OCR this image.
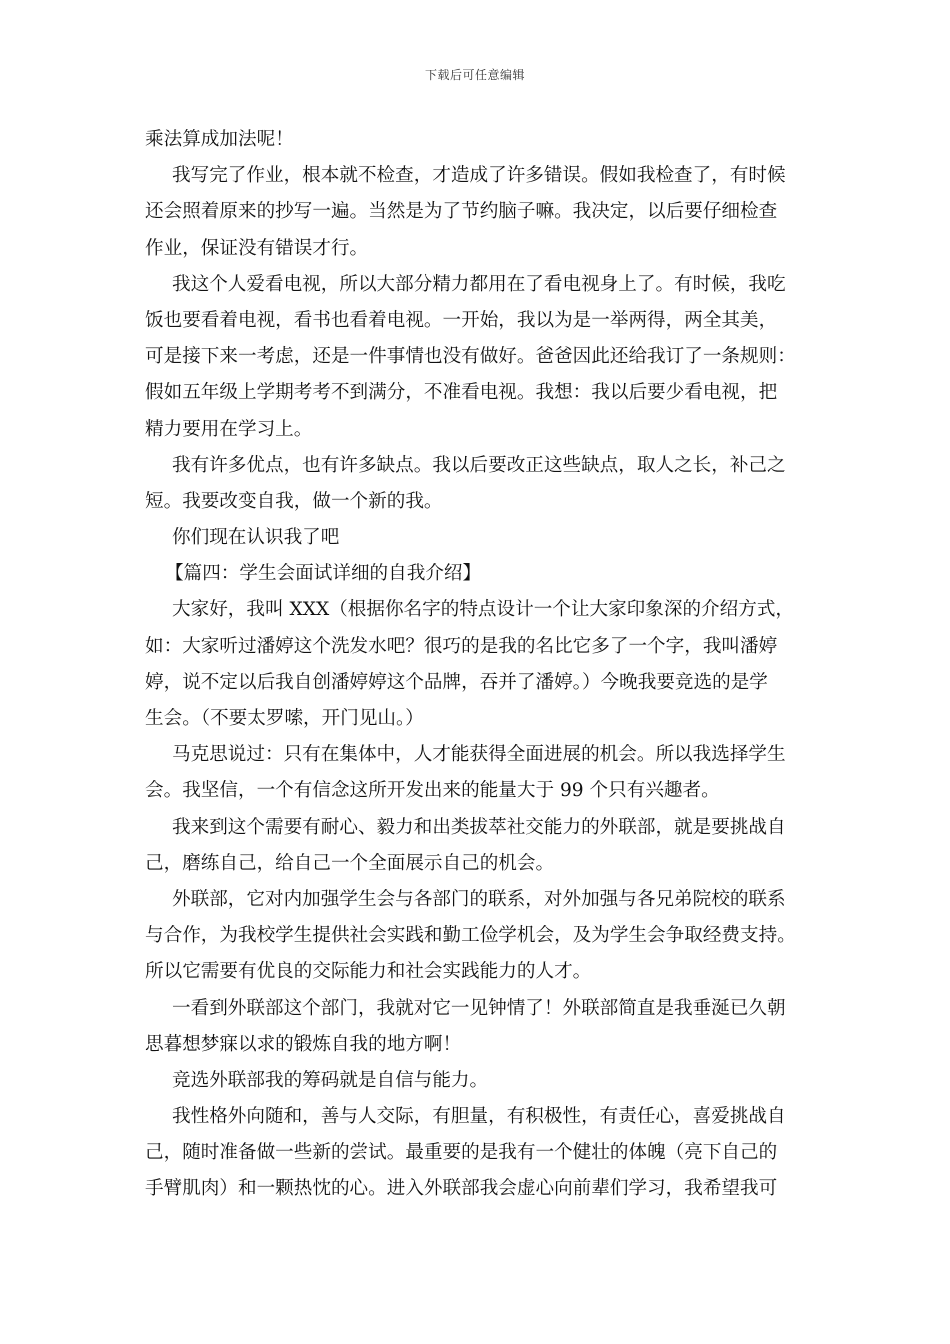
下载后可任意编辑
乘法算成加法呢！
我写完了作业，根本就不检查，才造成了许多错误。假如我检查了，有时候
还会照着原来的抄写一遍。当然是为了节约脑子嘛。我决定，以后要仔细检查
作业，保证没有错误才行。
我这个人爱看电视，所以大部分精力都用在了看电视身上了。有时候，我吃
饭也要看着电视，看书也看着电视。一开始，我以为是一举两得，两全其美，
可是接下来一考虑，还是一件事情也没有做好。爸爸因此还给我订了一条规则：
假如五年级上学期考考不到满分，不准看电视。我想：我以后要少看电视，把
精力要用在学习上。
我有许多优点，也有许多缺点。我以后要改正这些缺点，取人之长，补己之
短。我要改变自我，做一个新的我。
你们现在认识我了吧
【篇四：学生会面试详细的自我介绍】
大家好，我叫 XXX（根据你名字的特点设计一个让大家印象深的介绍方式，
如：大家听过潘婷这个洗发水吧？很巧的是我的名比它多了一个字，我叫潘婷
婷，说不定以后我自创潘婷婷这个品牌，吞并了潘婷。）今晚我要竞选的是学
生会。（不要太罗嗦，开门见山。）
马克思说过：只有在集体中，人才能获得全面进展的机会。所以我选择学生
会。我坚信，一个有信念这所开发出来的能量大于 99 个只有兴趣者。
我来到这个需要有耐心、毅力和出类拔萃社交能力的外联部，就是要挑战自
己，磨练自己，给自己一个全面展示自己的机会。
外联部，它对内加强学生会与各部门的联系，对外加强与各兄弟院校的联系
与合作，为我校学生提供社会实践和勤工俭学机会，及为学生会争取经费支持。
所以它需要有优良的交际能力和社会实践能力的人才。
一看到外联部这个部门，我就对它一见钟情了！外联部简直是我垂涎已久朝
思暮想梦寐以求的锻炼自我的地方啊！
竞选外联部我的筹码就是自信与能力。
我性格外向随和，善与人交际，有胆量，有积极性，有责任心，喜爱挑战自
己，随时准备做一些新的尝试。最重要的是我有一个健壮的体魄（亮下自己的
手臂肌肉）和一颗热忱的心。进入外联部我会虚心向前辈们学习，我希望我可
